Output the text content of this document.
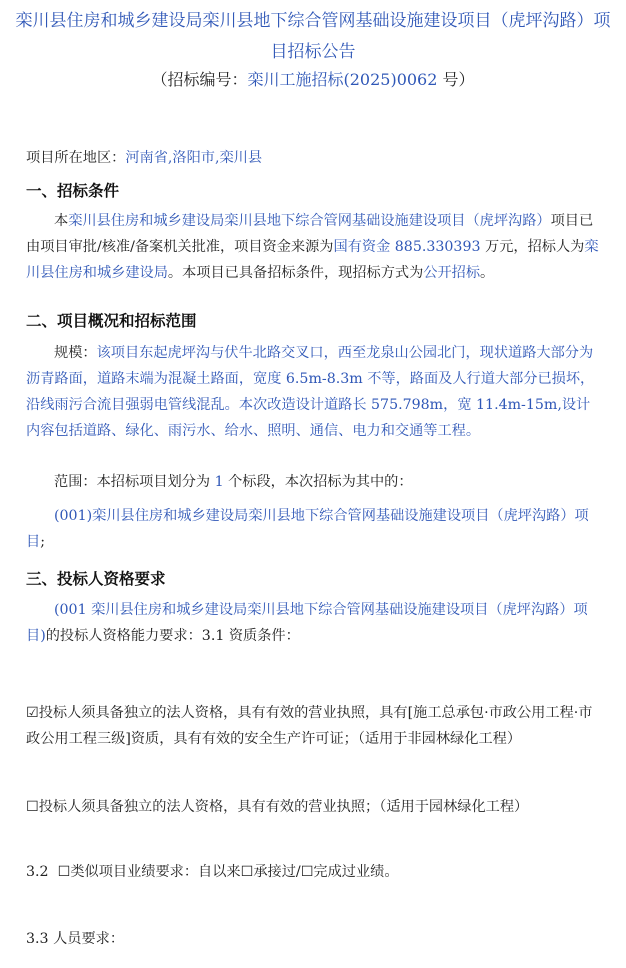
栾川县住房和城乡建设局栾川县地下综合管网基础设施建设项目（虎坪沟路）项目招标公告
（招标编号：栾川工施招标(2025)0062 号）
项目所在地区：河南省,洛阳市,栾川县
一、招标条件
本栾川县住房和城乡建设局栾川县地下综合管网基础设施建设项目（虎坪沟路）项目已由项目审批/核准/备案机关批准，项目资金来源为国有资金 885.330393 万元，招标人为栾川县住房和城乡建设局。本项目已具备招标条件，现招标方式为公开招标。
二、项目概况和招标范围
规模：该项目东起虎坪沟与伏牛北路交叉口，西至龙泉山公园北门，现状道路大部分为沥青路面，道路末端为混凝土路面，宽度 6.5m-8.3m 不等，路面及人行道大部分已损坏，沿线雨污合流目强弱电管线混乱。本次改造设计道路长 575.798m，宽 11.4m-15m,设计内容包括道路、绿化、雨污水、给水、照明、通信、电力和交通等工程。
范围：本招标项目划分为 1 个标段，本次招标为其中的：
(001)栾川县住房和城乡建设局栾川县地下综合管网基础设施建设项目（虎坪沟路）项目;
三、投标人资格要求
(001 栾川县住房和城乡建设局栾川县地下综合管网基础设施建设项目（虎坪沟路）项目)的投标人资格能力要求：3.1 资质条件：
☑投标人须具备独立的法人资格，具有有效的营业执照，具有[施工总承包·市政公用工程·市政公用工程三级]资质，具有有效的安全生产许可证；（适用于非园林绿化工程）
☐投标人须具备独立的法人资格，具有有效的营业执照；（适用于园林绿化工程）
3.2 ☐类似项目业绩要求：自以来☐承接过/☐完成过业绩。
3.3 人员要求：
